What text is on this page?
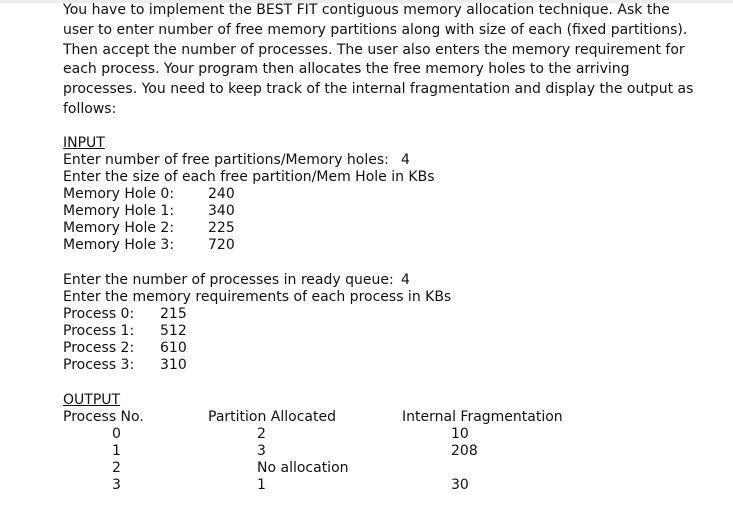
You have to implement the BEST FIT contiguous memory allocation technique. Ask the
user to enter number of free memory partitions along with size of each (fixed partitions).
Then accept the number of processes. The user also enters the memory requirement for
each process. Your program then allocates the free memory holes to the arriving
processes. You need to keep track of the internal fragmentation and display the output as
follows:

INPUT
Enter number of free partitions/Memory holes: 4
Enter the size of each free partition/Mem Hole in KBs
Memory Hole 0: 240
Memory Hole 1: 340
Memory Hole 2: 225
Memory Hole 3: 720
Enter the number of processes in ready queue: 4
Enter the memory requirements of each process in KBs
Process 0: 215
Process 1: 512
Process 2: 610
Process 3: 310
OUTPUT
Process No.	Partition Allocated	Internal Fragmentation
0	2	10
1	3	208
2	No allocation
3	1	30
